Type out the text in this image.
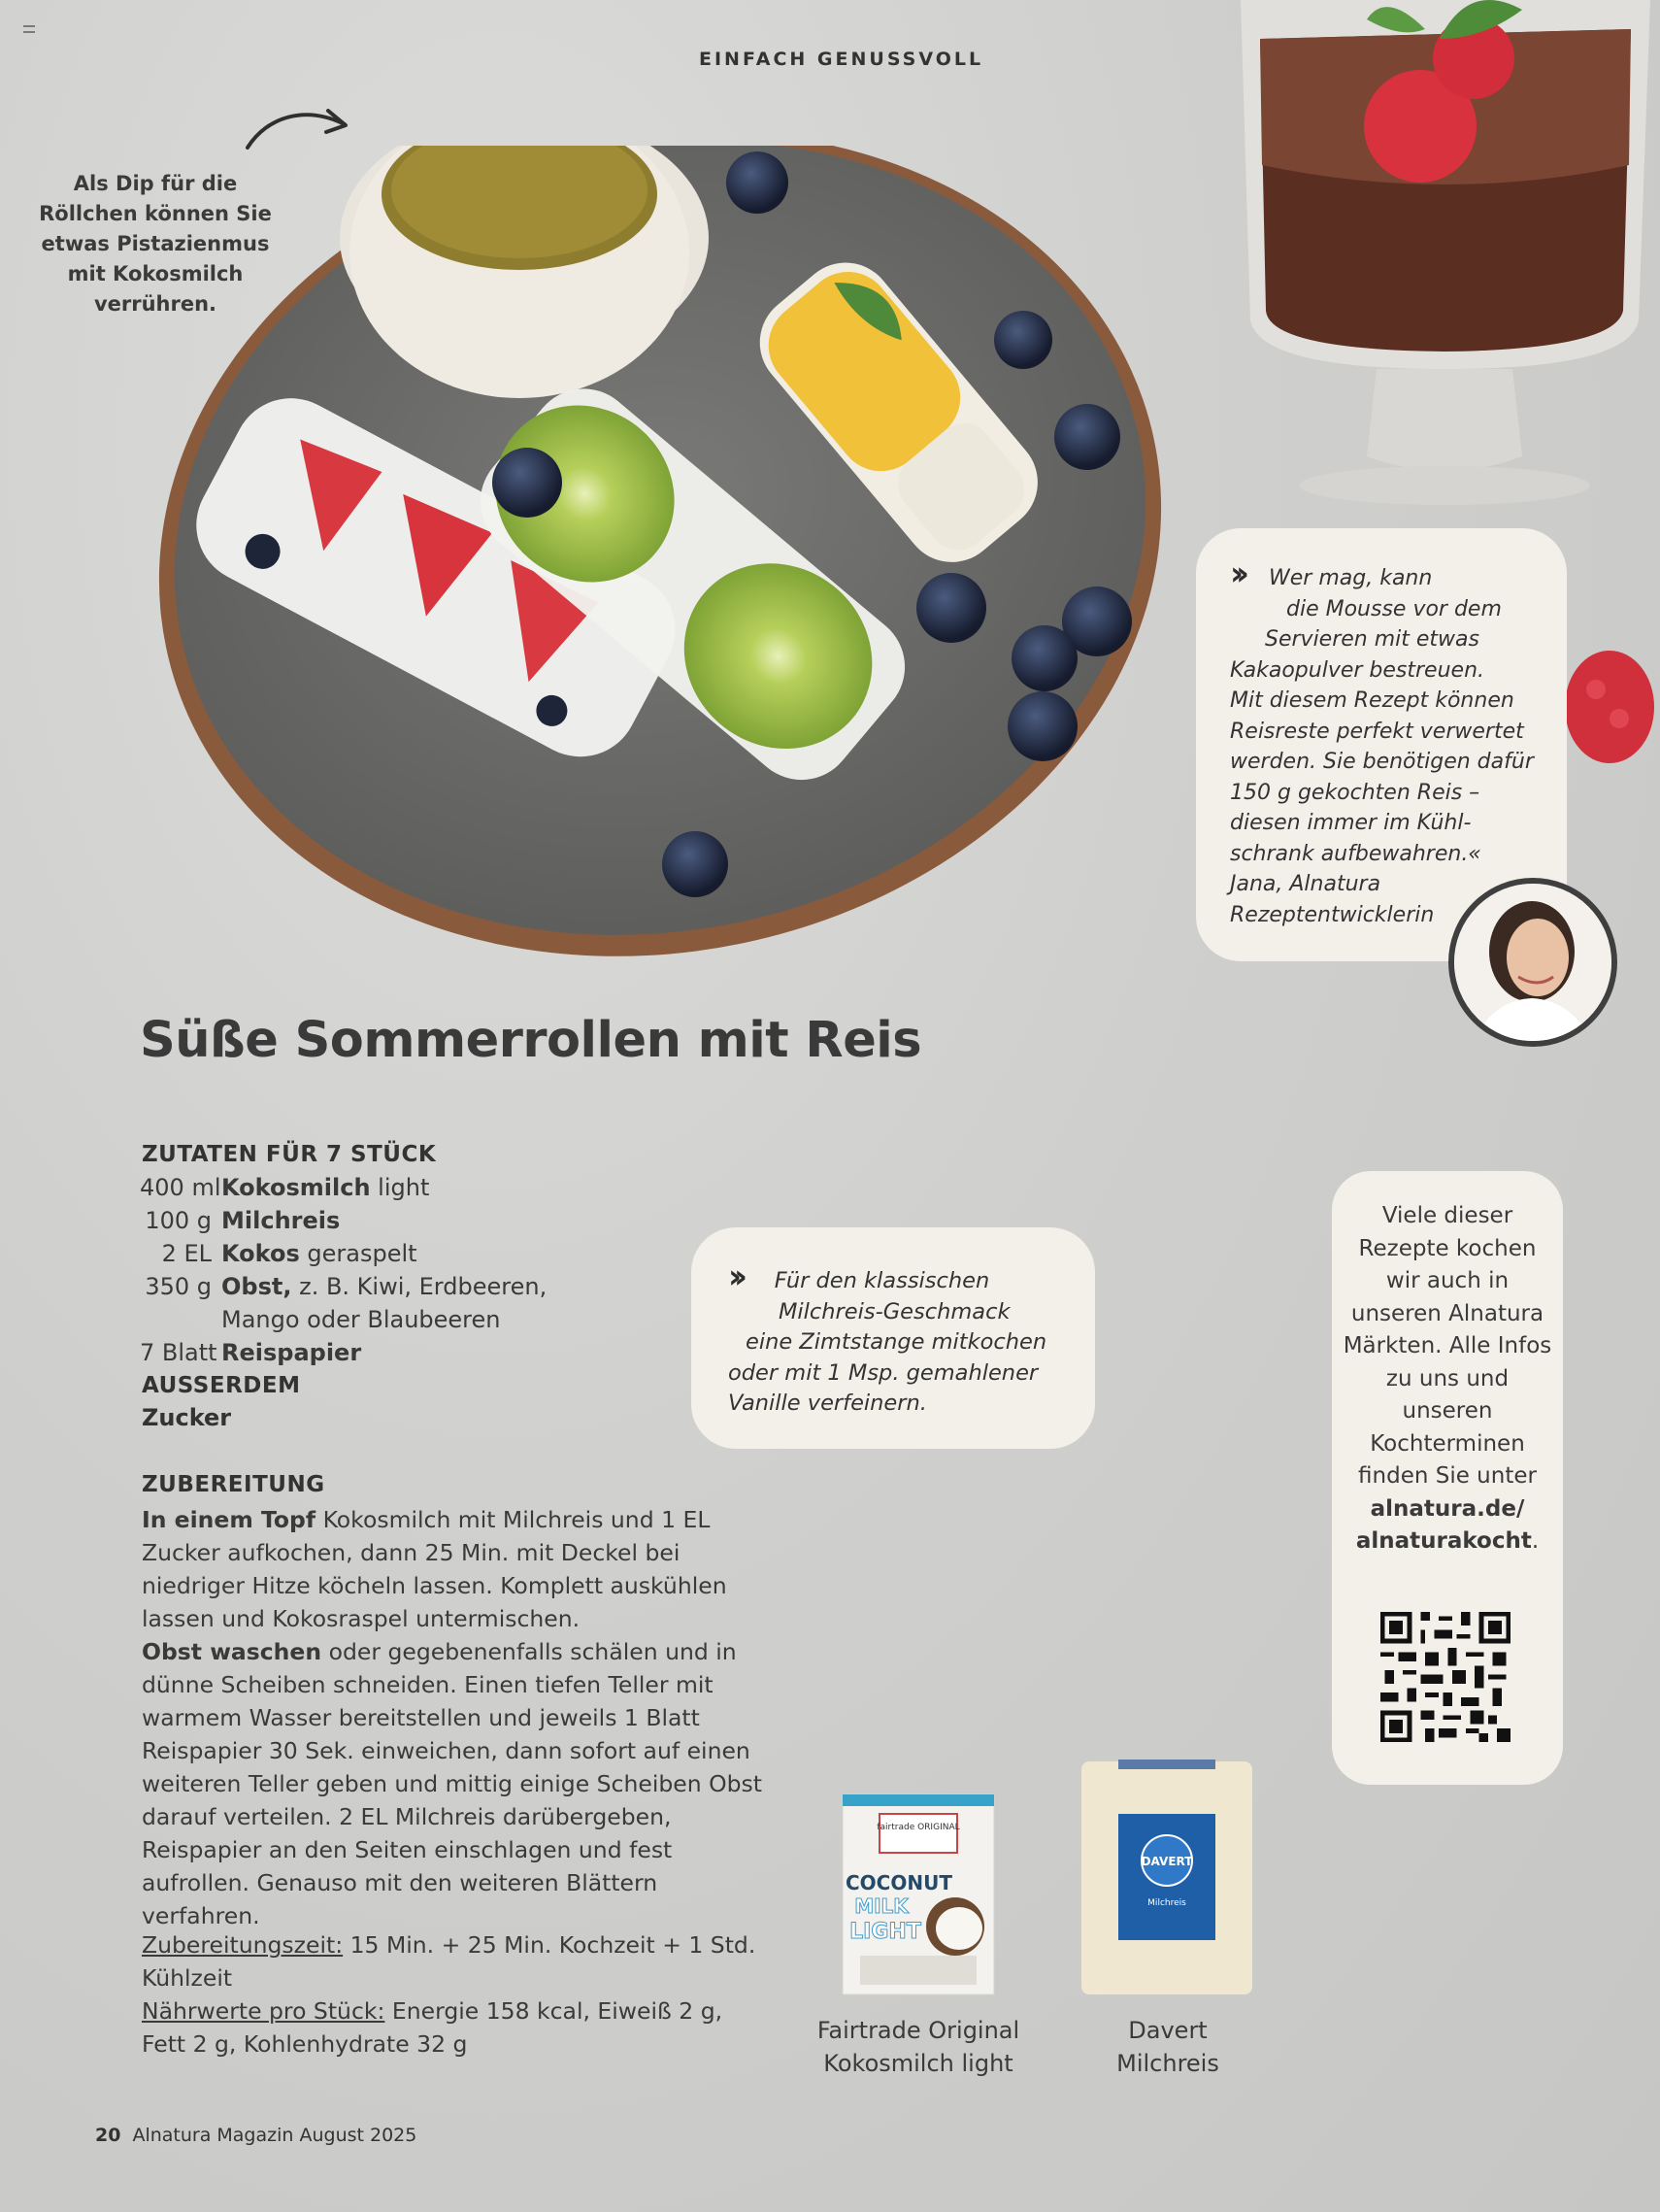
EINFACH GENUSSVOLL
Als Dip für die
Röllchen können Sie
etwas Pistazienmus
mit Kokosmilch
verrühren.

›› Wer mag, kann

die Mousse vor dem

Servieren mit etwas

Kakaopulver bestreuen.

Mit diesem Rezept können

Reisreste perfekt verwertet

werden. Sie benötigen dafür

150 g gekochten Reis –

diesen immer im Kühl-

schrank aufbewahren.«

Jana, Alnatura

Rezeptentwicklerin

Süße Sommerrollen mit Reis
ZUTATEN FÜR 7 STÜCK
400 ml Kokosmilch light
100 g Milchreis
2 EL Kokos geraspelt
350 g Obst, z. B. Kiwi, Erdbeeren,
Mango oder Blaubeeren
7 Blatt Reispapier
AUSSERDEM
Zucker
ZUBEREITUNG
In einem Topf Kokosmilch mit Milchreis und 1 EL Zucker aufkochen, dann 25 Min. mit Deckel bei niedriger Hitze köcheln lassen. Komplett auskühlen lassen und Kokosraspel untermischen.
Obst waschen oder gegebenenfalls schälen und in dünne Scheiben schneiden. Einen tiefen Teller mit warmem Wasser bereitstellen und jeweils 1 Blatt Reispapier 30 Sek. einweichen, dann sofort auf einen weiteren Teller geben und mittig einige Scheiben Obst darauf verteilen. 2 EL Milchreis darübergeben, Reispapier an den Seiten einschlagen und fest aufrollen. Genauso mit den weiteren Blättern verfahren.
Zubereitungszeit: 15 Min. + 25 Min. Kochzeit + 1 Std. Kühlzeit
Nährwerte pro Stück: Energie 158 kcal, Eiweiß 2 g, Fett 2 g, Kohlenhydrate 32 g
›› Für den klassischen
Milchreis-Geschmack
eine Zimtstange mitkochen
oder mit 1 Msp. gemahlener
Vanille verfeinern.
Viele dieser Rezepte kochen wir auch in unseren Alnatura Märkten. Alle Infos zu uns und unseren Kochterminen finden Sie unter
alnatura.de/
alnaturakocht.
fairtrade ORIGINAL
COCONUT
MILK
LIGHT
DAVERT
Milchreis
Fairtrade Original
Kokosmilch light
Davert
Milchreis
20 Alnatura Magazin August 2025
